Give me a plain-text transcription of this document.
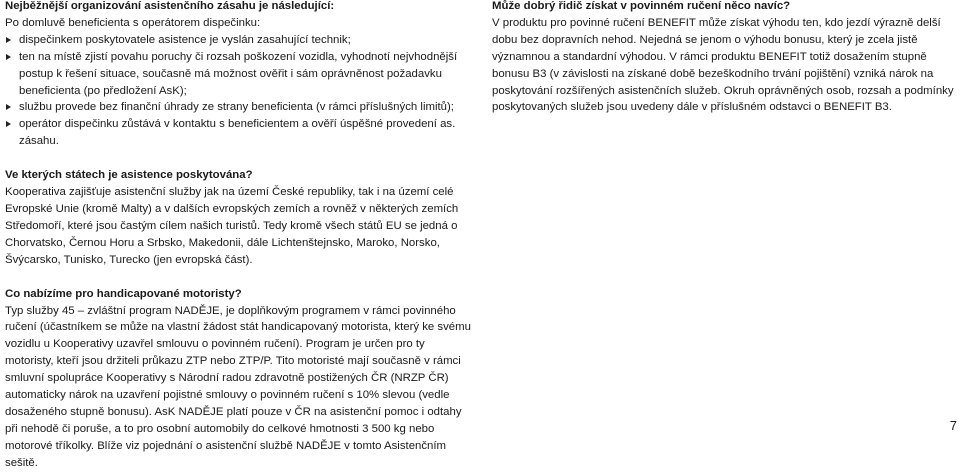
Nejběžnější organizování asistenčního zásahu je následující:

Po domluvě beneficienta s operátorem dispečinku:

dispečinkem poskytovatele asistence je vyslán zasahující technik;
ten na místě zjistí povahu poruchy či rozsah poškození vozidla, vyhodnotí nejvhodnější postup k řešení situace, současně má možnost ověřit i sám oprávněnost požadavku beneficienta (po předložení AsK);
službu provede bez finanční úhrady ze strany beneficienta (v rámci příslušných limitů);
operátor dispečinku zůstává v kontaktu s beneficientem a ověří úspěšné provedení as. zásahu.

Ve kterých státech je asistence poskytována?

Kooperativa zajišťuje asistenční služby jak na území České republiky, tak i na území celé Evropské Unie (kromě Malty) a v dalších evropských zemích a rovněž v některých zemích Středomoří, které jsou častým cílem našich turistů. Tedy kromě všech států EU se jedná o Chorvatsko, Černou Horu a Srbsko, Makedonii, dále Lichtenštejnsko, Maroko, Norsko, Švýcarsko, Tunisko, Turecko (jen evropská část).

Co nabízíme pro handicapované motoristy?

Typ služby 45 – zvláštní program NADĚJE, je doplňkovým programem v rámci povinného ručení (účastníkem se může na vlastní žádost stát handicapovaný motorista, který ke svému vozidlu u Kooperativy uzavřel smlouvu o povinném ručení). Program je určen pro ty motoristy, kteří jsou držiteli průkazu ZTP nebo ZTP/P. Tito motoristé mají současně v rámci smluvní spolupráce Kooperativy s Národní radou zdravotně postižených ČR (NRZP ČR) automaticky nárok na uzavření pojistné smlouvy o povinném ručení s 10% slevou (vedle dosaženého stupně bonusu). AsK NADĚJE platí pouze v ČR na asistenční pomoc i odtahy při nehodě či poruše, a to pro osobní automobily do celkové hmotnosti 3 500 kg nebo motorové tříkolky. Blíže viz pojednání o asistenční službě NADĚJE v tomto Asistenčním sešitě.

Může dobrý řidič získat v povinném ručení něco navíc?

V produktu pro povinné ručení BENEFIT může získat výhodu ten, kdo jezdí výrazně delší dobu bez dopravních nehod. Nejedná se jenom o výhodu bonusu, který je zcela jistě významnou a standardní výhodou. V rámci produktu BENEFIT totiž dosažením stupně bonusu B3 (v závislosti na získané době bezeškodního trvání pojištění) vzniká nárok na poskytování rozšířených asistenčních služeb. Okruh oprávněných osob, rozsah a podmínky poskytovaných služeb jsou uvedeny dále v příslušném odstavci o BENEFIT B3.

7
